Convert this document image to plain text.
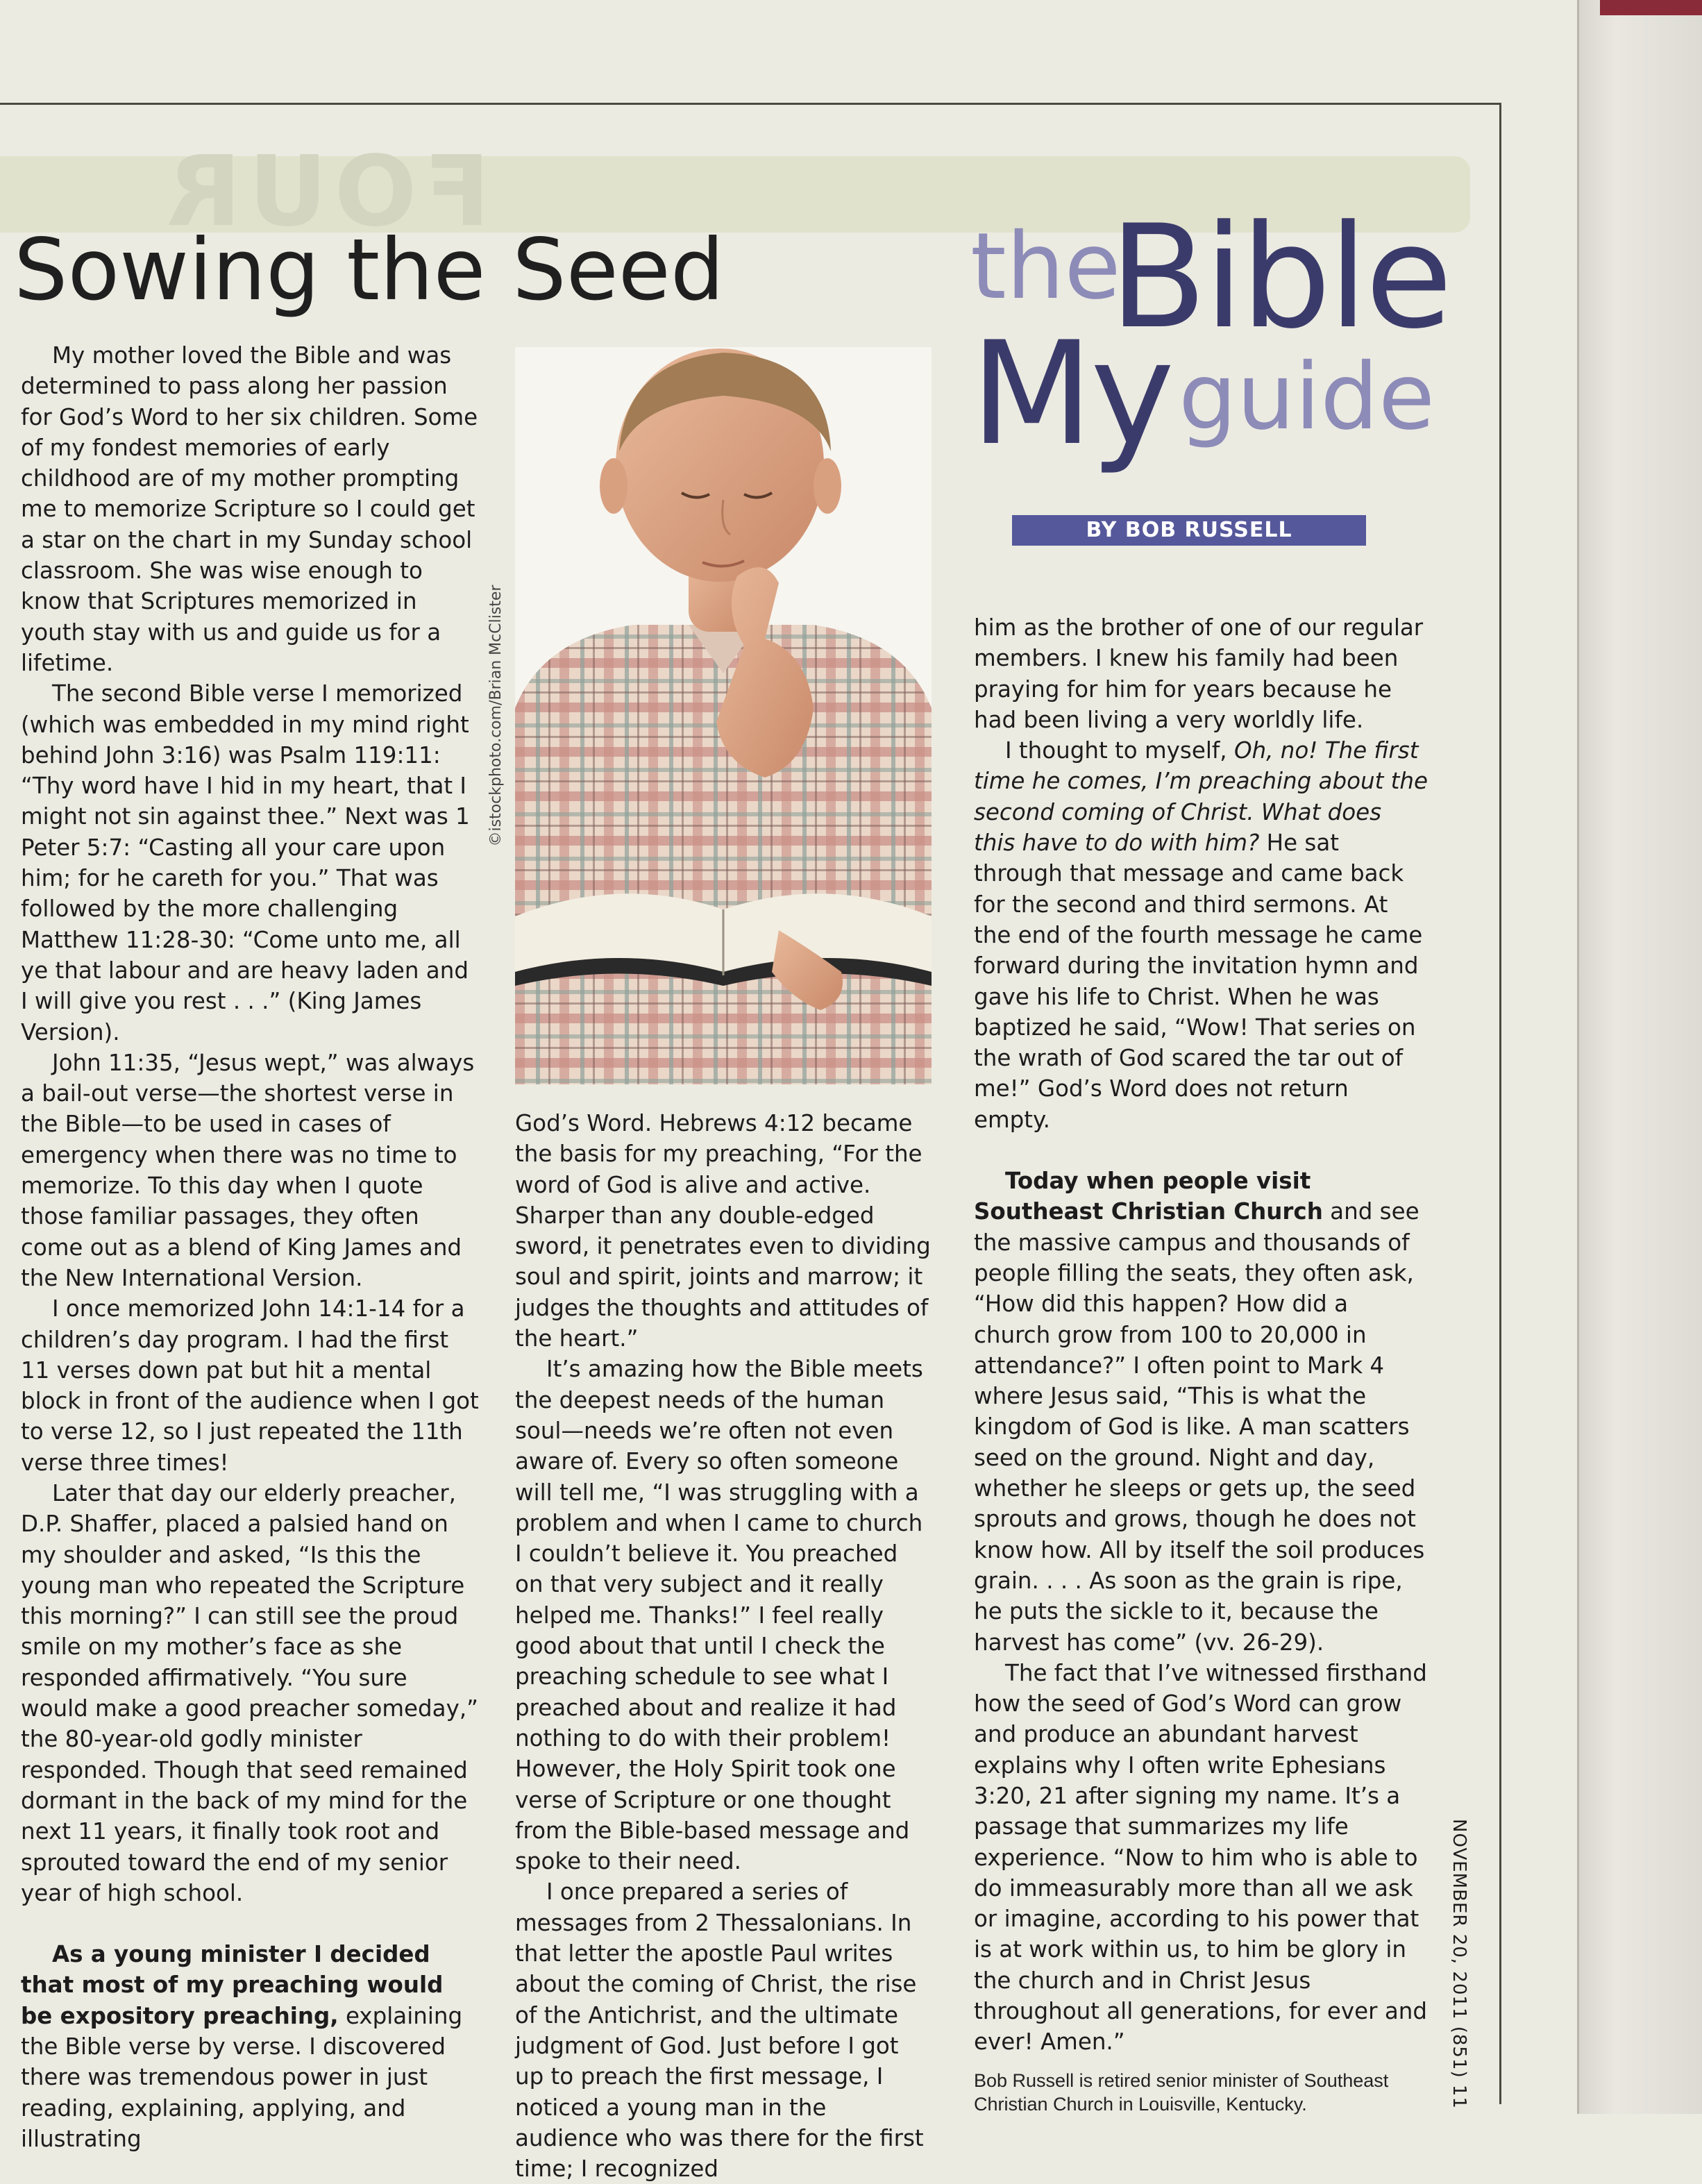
FOUR
Sowing the Seed	the
Bible
My guide
BY BOB RUSSELL
©istockphoto.com/Brian McClister

My mother loved the Bible and was determined to pass along her passion for God’s Word to her six children. Some of my fondest memories of early childhood are of my mother prompting me to memorize Scripture so I could get a star on the chart in my Sunday school classroom. She was wise enough to know that Scriptures memorized in youth stay with us and guide us for a lifetime.

The second Bible verse I memorized (which was embedded in my mind right behind John 3:16) was Psalm 119:11: “Thy word have I hid in my heart, that I might not sin against thee.” Next was 1 Peter 5:7: “Casting all your care upon him; for he careth for you.” That was followed by the more challenging Matthew 11:28-30: “Come unto me, all ye that labour and are heavy laden and I will give you rest . . .” (King James Version).

John 11:35, “Jesus wept,” was always a bail-out verse—the shortest verse in the Bible—to be used in cases of emergency when there was no time to memorize. To this day when I quote those familiar passages, they often come out as a blend of King James and the New International Version.

I once memorized John 14:1-14 for a children’s day program. I had the first 11 verses down pat but hit a mental block in front of the audience when I got to verse 12, so I just repeated the 11th verse three times!

Later that day our elderly preacher, D.P. Shaffer, placed a palsied hand on my shoulder and asked, “Is this the young man who repeated the Scripture this morning?” I can still see the proud smile on my mother’s face as she responded affirmatively. “You sure would make a good preacher someday,” the 80-year-old godly minister responded. Though that seed remained dormant in the back of my mind for the next 11 years, it finally took root and sprouted toward the end of my senior year of high school.

As a young minister I decided that most of my preaching would be expository preaching, explaining the Bible verse by verse. I discovered there was tremendous power in just reading, explaining, applying, and illustrating

God’s Word. Hebrews 4:12 became the basis for my preaching, “For the word of God is alive and active. Sharper than any double-edged sword, it penetrates even to dividing soul and spirit, joints and marrow; it judges the thoughts and attitudes of the heart.”

It’s amazing how the Bible meets the deepest needs of the human soul—needs we’re often not even aware of. Every so often someone will tell me, “I was struggling with a problem and when I came to church I couldn’t believe it. You preached on that very subject and it really helped me. Thanks!” I feel really good about that until I check the preaching schedule to see what I preached about and realize it had nothing to do with their problem! However, the Holy Spirit took one verse of Scripture or one thought from the Bible-based message and spoke to their need.

I once prepared a series of messages from 2 Thessalonians. In that letter the apostle Paul writes about the coming of Christ, the rise of the Antichrist, and the ultimate judgment of God. Just before I got up to preach the first message, I noticed a young man in the audience who was there for the first time; I recognized

him as the brother of one of our regular members. I knew his family had been praying for him for years because he had been living a very worldly life.

I thought to myself, Oh, no! The first time he comes, I’m preaching about the second coming of Christ. What does this have to do with him? He sat through that message and came back for the second and third sermons. At the end of the fourth message he came forward during the invitation hymn and gave his life to Christ. When he was baptized he said, “Wow! That series on the wrath of God scared the tar out of me!” God’s Word does not return empty.

Today when people visit Southeast Christian Church and see the massive campus and thousands of people filling the seats, they often ask, “How did this happen? How did a church grow from 100 to 20,000 in attendance?” I often point to Mark 4 where Jesus said, “This is what the kingdom of God is like. A man scatters seed on the ground. Night and day, whether he sleeps or gets up, the seed sprouts and grows, though he does not know how. All by itself the soil produces grain. . . . As soon as the grain is ripe, he puts the sickle to it, because the harvest has come” (vv. 26-29).

The fact that I’ve witnessed firsthand how the seed of God’s Word can grow and produce an abundant harvest explains why I often write Ephesians 3:20, 21 after signing my name. It’s a passage that summarizes my life experience. “Now to him who is able to do immeasurably more than all we ask or imagine, according to his power that is at work within us, to him be glory in the church and in Christ Jesus throughout all generations, for ever and ever! Amen.”

Bob Russell is retired senior minister of Southeast Christian Church in Louisville, Kentucky.	NOVEMBER 20, 2011 (851) 11
